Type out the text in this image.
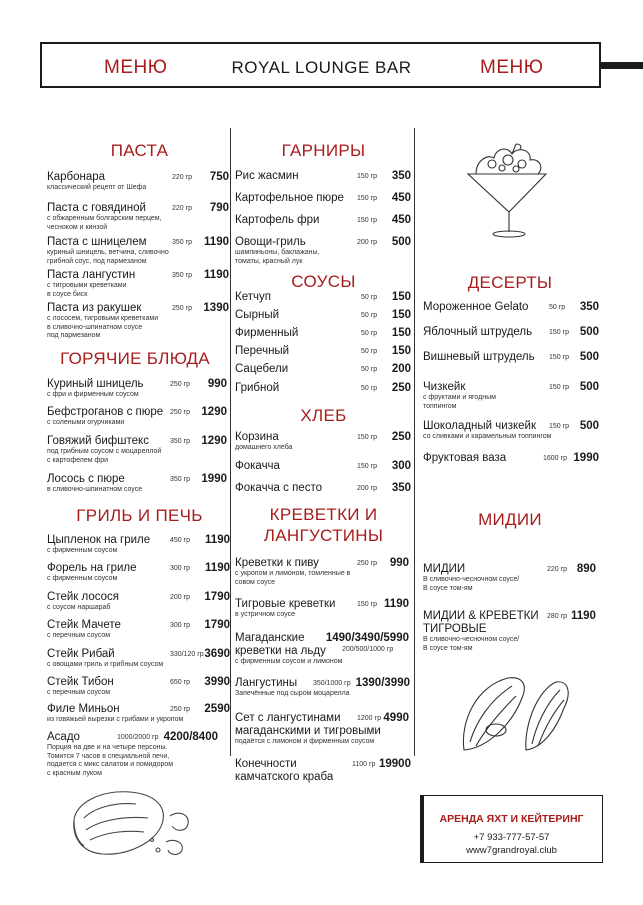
МЕНЮ	ROYAL LOUNGE BAR	МЕНЮ
ПАСТА
Карбонара
классический рецепт от Шефа
220 гр	750
Паста с говядиной
с обжаренным болгарским перцем,
чесноком и кинзой
220 гр	790
Паста с шницелем
куриный шницель, ветчина, сливочно
грибной соус, под пармезаном
350 гр 1190
Паста лангустин
с тигровыми креветками
в соусе биск
350 гр 1190
Паста из ракушек
с лососем, тигровыми креветками
в сливочно-шпинатном соусе
под пармезаном
250 гр 1390
ГОРЯЧИЕ БЛЮДА
Куриный шницель
с фри и фирменным соусом
250 гр	990
Бефстроганов с пюре
с солеными огурчиками
250 гр 1290
Говяжий бифштекс
под грибным соусом с моцареллой
с картофелем фри
350 гр 1290
Лосось с пюре
в сливочно-шпинатном соусе
350 гр 1990
ГРИЛЬ И ПЕЧЬ
Цыпленок на гриле
с фирменным соусом
450 гр	1190
Форель на гриле
с фирменным соусом
300 гр	1190
Стейк лосося
с соусом наршараб
200 гр	1790
Стейк Мачете
с перечным соусом
300 гр	1790
Стейк Рибай
с овощами гриль и грибным соусом
330/120 гр 3690
Стейк Тибон
с перечным соусом
650 гр	3990
Филе Миньон
из говяжьей вырезки с грибами и укропом
250 гр	2590
Асадо
Порция на две и на четыре персоны.
Томится 7 часов в специальной печи,
подается с микс салатом и помидором
с красным луком
1000/2000 гр 4200/8400
ГАРНИРЫ
Рис жасмин	150 гр	350
Картофельное пюре 150 гр	450
Картофель фри	150 гр	450
Овощи-гриль
шампиньоны, баклажаны,
томаты, красный лук
200 гр	500
СОУСЫ
Кетчуп	50 гр	150
Сырный	50 гр	150
Фирменный	50 гр	150
Перечный	50 гр	150
Сацебели	50 гр	200
Грибной	50 гр	250
ХЛЕБ
Корзина
домашнего хлеба
150 гр	250
Фокачча	150 гр	300
Фокачча с песто	200 гр	350
КРЕВЕТКИ И
ЛАНГУСТИНЫ
Креветки к пиву
с укропом и лимоном, томленные в
совом соусе
250 гр	990
Тигровые креветки
в устричном соусе
150 гр 1190
Магаданские
креветки на льду
с фирменным соусом и лимоном
200/500/1000 гр
1490/3490/5990
Лангустины
Запечённые под сыром моцарелла
350/1000 гр 1390/3990
Сет с лангустинами
магаданскими и тигровыми
подаётся с лимоном и фирменным соусом
1200 гр 4990
Конечности
камчатского краба
1100 гр 19900
ДЕСЕРТЫ
Мороженное Gelato	50 гр 350
Яблочный штрудель 150 гр 500
Вишневый штрудель 150 гр 500
Чизкейк
с фруктами и ягодным
топпингом
150 гр 500
Шоколадный чизкейк
со сливками и карамельным топпингом
150 гр 500
Фруктовая ваза	1600 гр 1990
МИДИИ
МИДИИ
В сливочно-чесночном соусе/
В соусе том-ям
220 гр 890
МИДИИ & КРЕВЕТКИ
ТИГРОВЫЕ
В сливочно-чесночном соусе/
В соусе том-ям
280 гр 1190
АРЕНДА ЯХТ И КЕЙТЕРИНГ
+7 933-777-57-57
www7grandroyal.club
